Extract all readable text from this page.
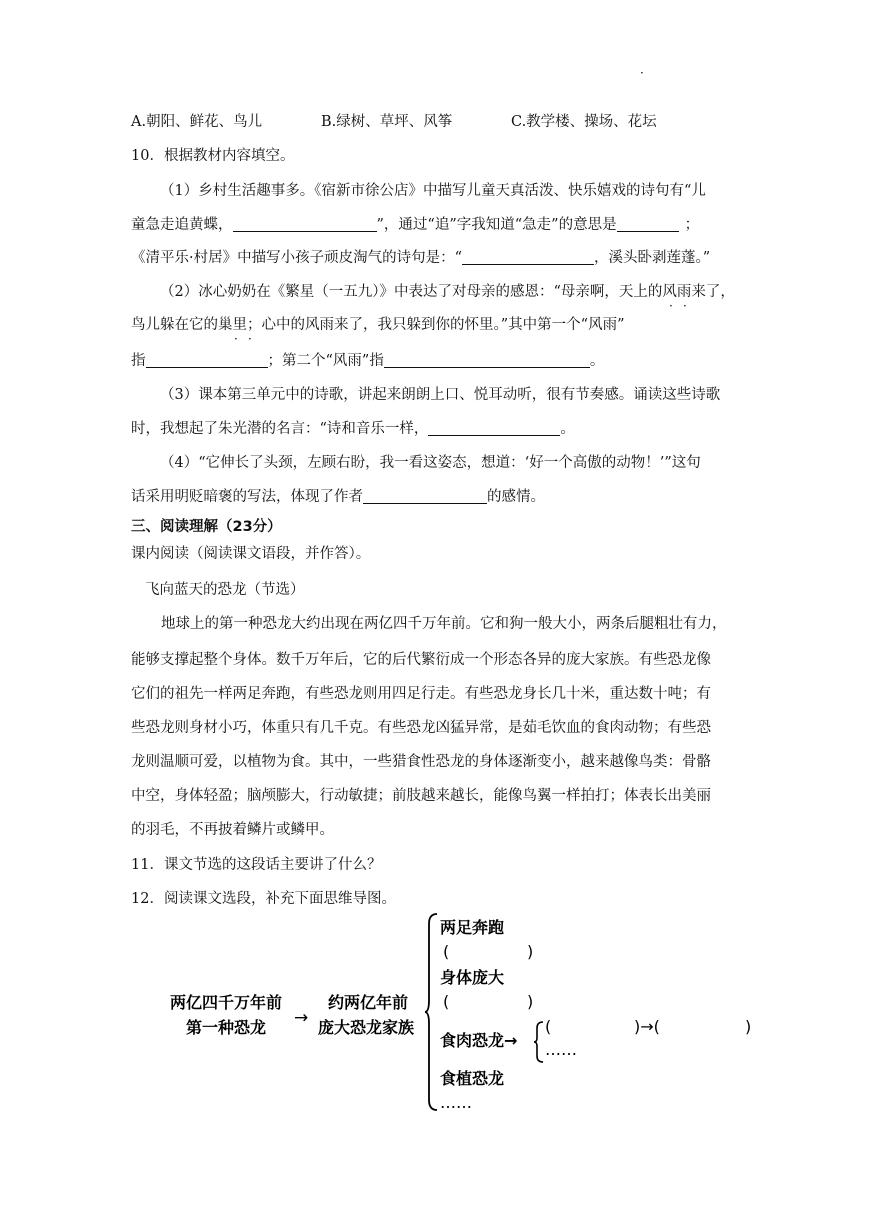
·
A.朝阳、鲜花、鸟儿	B.绿树、草坪、风筝	C.教学楼、操场、花坛
10．根据教材内容填空。
（1）乡村生活趣事多。《宿新市徐公店》中描写儿童天真活泼、快乐嬉戏的诗句有“儿
童急走追黄蝶，	”，通过“追”字我知道“急走”的意思是	；
《清平乐·村居》中描写小孩子顽皮淘气的诗句是：“	，溪头卧剥莲蓬。”
（2）冰心奶奶在《繁星（一五九）》中表达了对母亲的感恩：“母亲啊，天上的风雨来了，
· ·
鸟儿躲在它的巢里；心中的风雨来了，我只躲到你的怀里。”其中第一个“风雨”
· ·
指	；第二个“风雨”指	。
（3）课本第三单元中的诗歌，讲起来朗朗上口、悦耳动听，很有节奏感。诵读这些诗歌
时，我想起了朱光潜的名言：“诗和音乐一样，	。
（4）“它伸长了头颈，左顾右盼，我一看这姿态，想道：‘好一个高傲的动物！’”这句
话采用明贬暗褒的写法，体现了作者	的感情。
三、阅读理解（23分）
课内阅读（阅读课文语段，并作答）。
飞向蓝天的恐龙（节选）
地球上的第一种恐龙大约出现在两亿四千万年前。它和狗一般大小，两条后腿粗壮有力，
能够支撑起整个身体。数千万年后，它的后代繁衍成一个形态各异的庞大家族。有些恐龙像
它们的祖先一样两足奔跑，有些恐龙则用四足行走。有些恐龙身长几十米，重达数十吨；有
些恐龙则身材小巧，体重只有几千克。有些恐龙凶猛异常，是茹毛饮血的食肉动物；有些恐
龙则温顺可爱，以植物为食。其中，一些猎食性恐龙的身体逐渐变小，越来越像鸟类：骨骼
中空，身体轻盈；脑颅膨大，行动敏捷；前肢越来越长，能像鸟翼一样拍打；体表长出美丽
的羽毛，不再披着鳞片或鳞甲。
11．课文节选的这段话主要讲了什么？
12．阅读课文选段，补充下面思维导图。
两亿四千万年前
第一种恐龙 →
约两亿年前
庞大恐龙家族
两足奔跑
(	)
身体庞大
(	)
食肉恐龙→
(	)→(	)
……
食植恐龙
……
